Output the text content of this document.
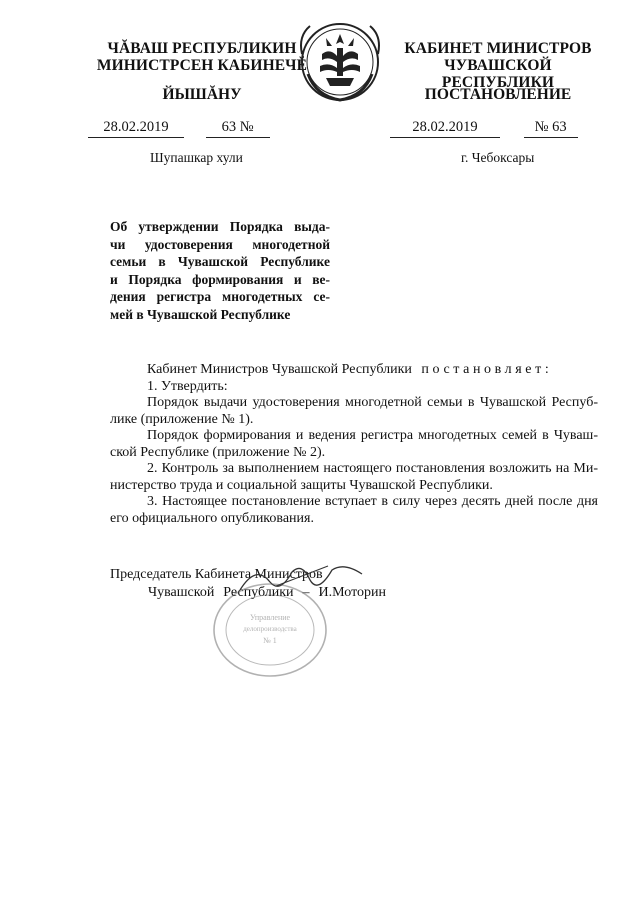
ЧĂВАШ РЕСПУБЛИКИН
МИНИСТРСЕН КАБИНЕЧĔ
ЙЫШĂНУ
КАБИНЕТ МИНИСТРОВ
ЧУВАШСКОЙ РЕСПУБЛИКИ
ПОСТАНОВЛЕНИЕ
28.02.2019	63 №	28.02.2019	№ 63
Шупашкар хули	г. Чебоксары
Об утверждении Порядка выда-
чи удостоверения многодетной
семьи в Чувашской Республике
и Порядка формирования и ве-
дения регистра многодетных се-
мей в Чувашской Республике

Кабинет Министров Чувашской Республики постановляет:

1. Утвердить:

Порядок выдачи удостоверения многодетной семьи в Чувашской Респуб-

лике (приложение № 1).

Порядок формирования и ведения регистра многодетных семей в Чуваш-

ской Республике (приложение № 2).

2. Контроль за выполнением настоящего постановления возложить на Ми-

нистерство труда и социальной защиты Чувашской Республики.

3. Настоящее постановление вступает в силу через десять дней после дня

его официального опубликования.

Председатель Кабинета Министров
Чувашской Республики – И.Моторин
Управление
делопроизводства
№ 1
